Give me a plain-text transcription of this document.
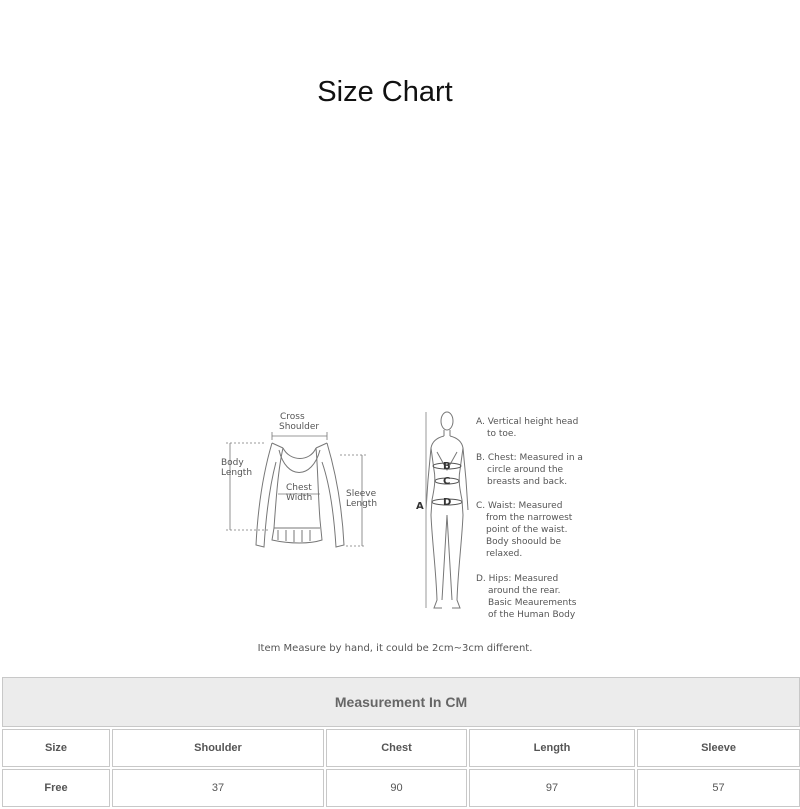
Size Chart
Cross
Shoulder
Body
Length
Chest
Width	Sleeve
Length	A
B
C
D
A. Vertical height head
to toe.
B. Chest: Measured in a
circle around the
breasts and back.
C. Waist: Measured
from the narrowest
point of the waist.
Body shoould be
relaxed.
D. Hips: Measured
around the rear.
Basic Meaurements
of the Human Body
Item Measure by hand, it could be 2cm~3cm different.
Measurement In CM				
Size	Shoulder	Chest	Length	Sleeve
Free	37	90	97	57
